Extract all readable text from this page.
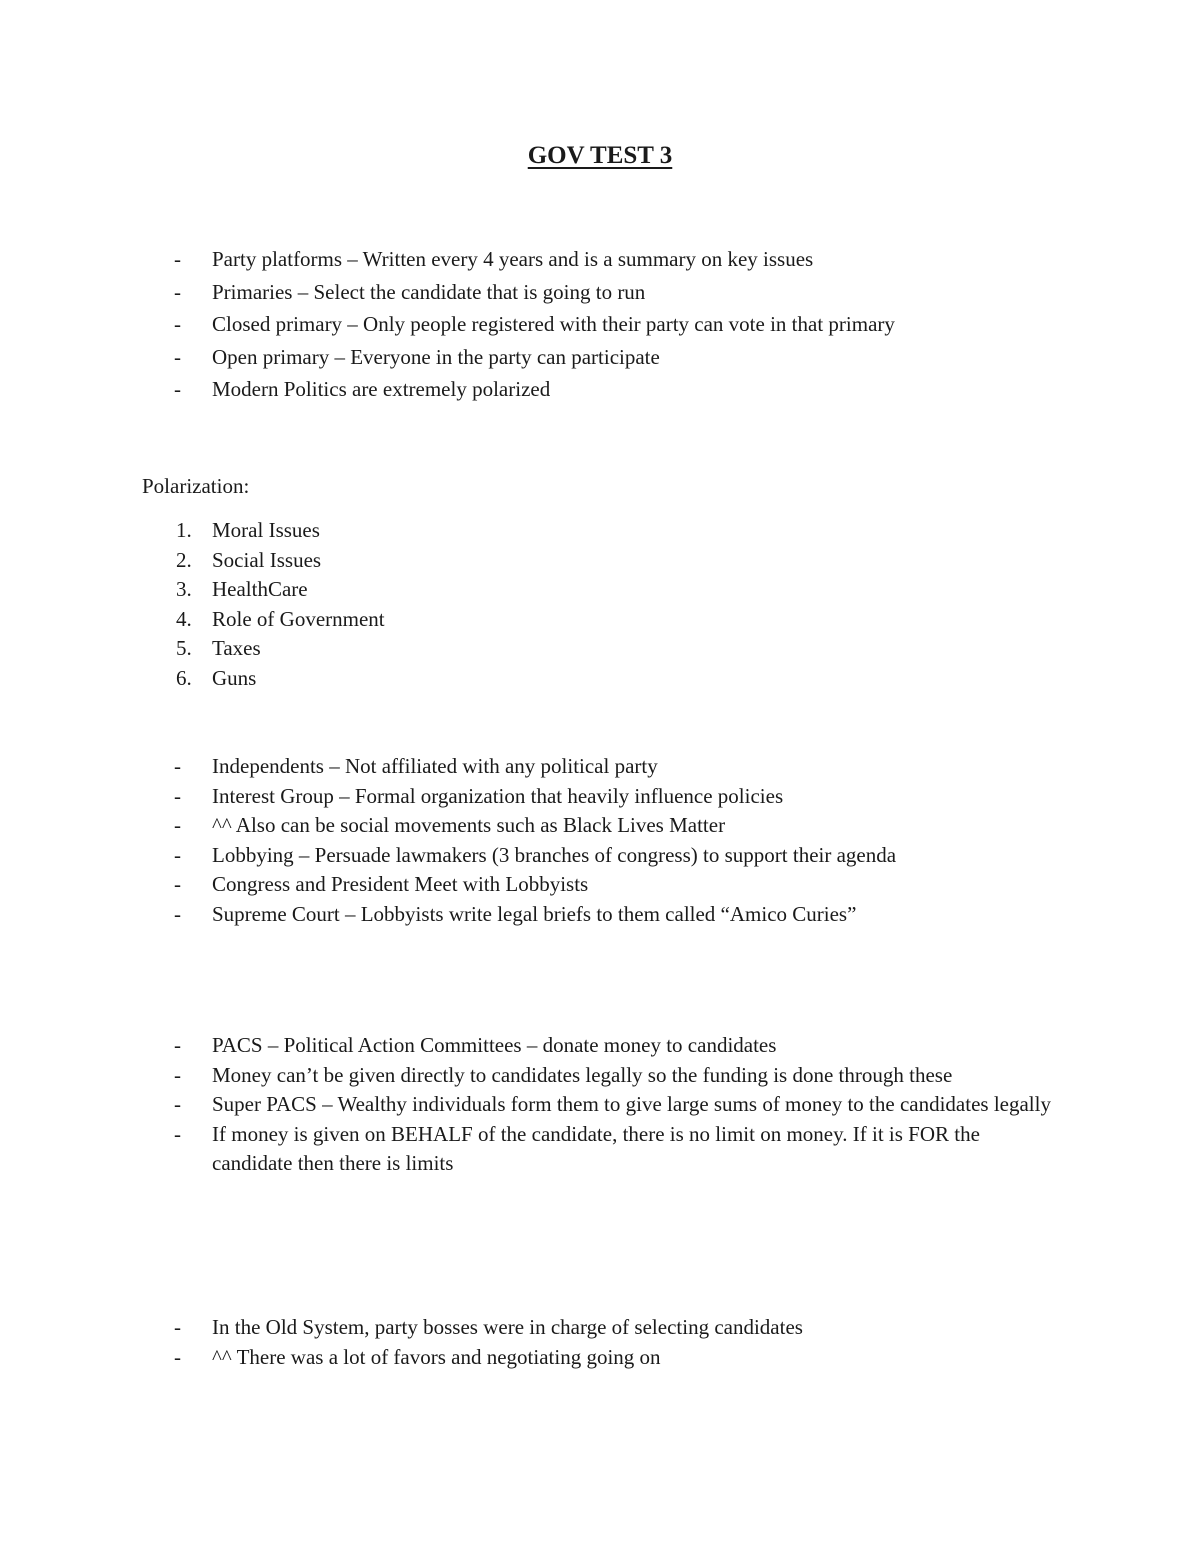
GOV TEST 3
-	Party platforms – Written every 4 years and is a summary on key issues
-	Primaries – Select the candidate that is going to run
-	Closed primary – Only people registered with their party can vote in that primary
-	Open primary – Everyone in the party can participate
-	Modern Politics are extremely polarized
Polarization:
1. Moral Issues
2. Social Issues
3. HealthCare
4. Role of Government
5. Taxes
6. Guns
-	Independents – Not affiliated with any political party
-	Interest Group – Formal organization that heavily influence policies
-	^^ Also can be social movements such as Black Lives Matter
-	Lobbying – Persuade lawmakers (3 branches of congress) to support their agenda
-	Congress and President Meet with Lobbyists
-	Supreme Court – Lobbyists write legal briefs to them called “Amico Curies”
-	PACS – Political Action Committees – donate money to candidates
-	Money can’t be given directly to candidates legally so the funding is done through these
-	Super PACS – Wealthy individuals form them to give large sums of money to the candidates legally
-	If money is given on BEHALF of the candidate, there is no limit on money. If it is FOR the candidate then there is limits
-	In the Old System, party bosses were in charge of selecting candidates
-	^^ There was a lot of favors and negotiating going on
